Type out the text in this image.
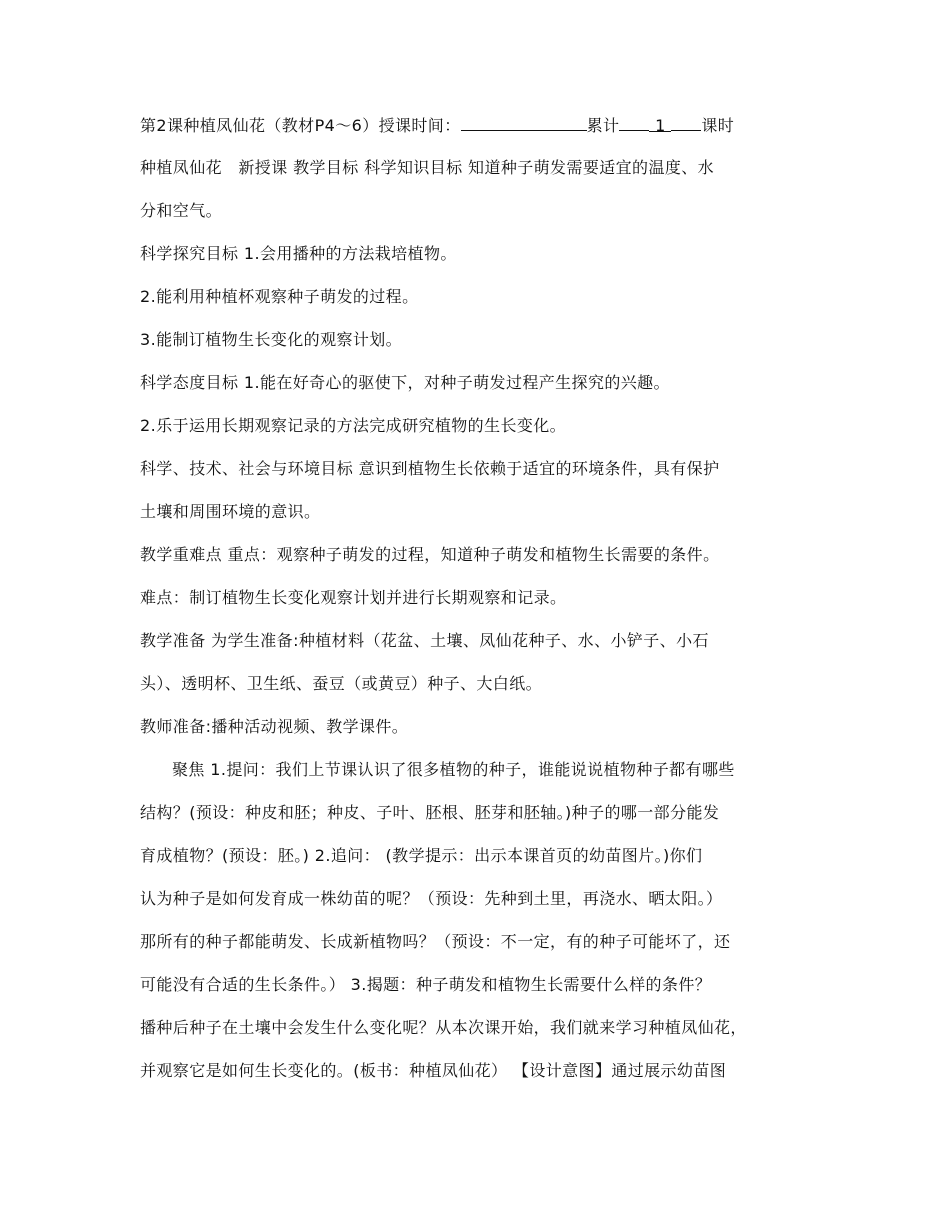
第2课种植凤仙花（教材P4～6）授课时间：	累计 1 课时
种植凤仙花　新授课 教学目标 科学知识目标 知道种子萌发需要适宜的温度、水
分和空气。
科学探究目标 1.会用播种的方法栽培植物。
2.能利用种植杯观察种子萌发的过程。
3.能制订植物生长变化的观察计划。
科学态度目标 1.能在好奇心的驱使下，对种子萌发过程产生探究的兴趣。
2.乐于运用长期观察记录的方法完成研究植物的生长变化。
科学、技术、社会与环境目标 意识到植物生长依赖于适宜的环境条件，具有保护
土壤和周围环境的意识。
教学重难点 重点：观察种子萌发的过程，知道种子萌发和植物生长需要的条件。
难点：制订植物生长变化观察计划并进行长期观察和记录。
教学准备 为学生准备:种植材料（花盆、土壤、凤仙花种子、水、小铲子、小石
头）、透明杯、卫生纸、蚕豆（或黄豆）种子、大白纸。
教师准备:播种活动视频、教学课件。
聚焦 1.提问：我们上节课认识了很多植物的种子，谁能说说植物种子都有哪些
结构？(预设：种皮和胚；种皮、子叶、胚根、胚芽和胚轴。)种子的哪一部分能发
育成植物？(预设：胚。) 2.追问： (教学提示：出示本课首页的幼苗图片。)你们
认为种子是如何发育成一株幼苗的呢？（预设：先种到土里，再浇水、晒太阳。）
那所有的种子都能萌发、长成新植物吗？（预设：不一定，有的种子可能坏了，还
可能没有合适的生长条件。） 3.揭题：种子萌发和植物生长需要什么样的条件？
播种后种子在土壤中会发生什么变化呢？从本次课开始，我们就来学习种植凤仙花，
并观察它是如何生长变化的。(板书：种植凤仙花） 【设计意图】通过展示幼苗图
